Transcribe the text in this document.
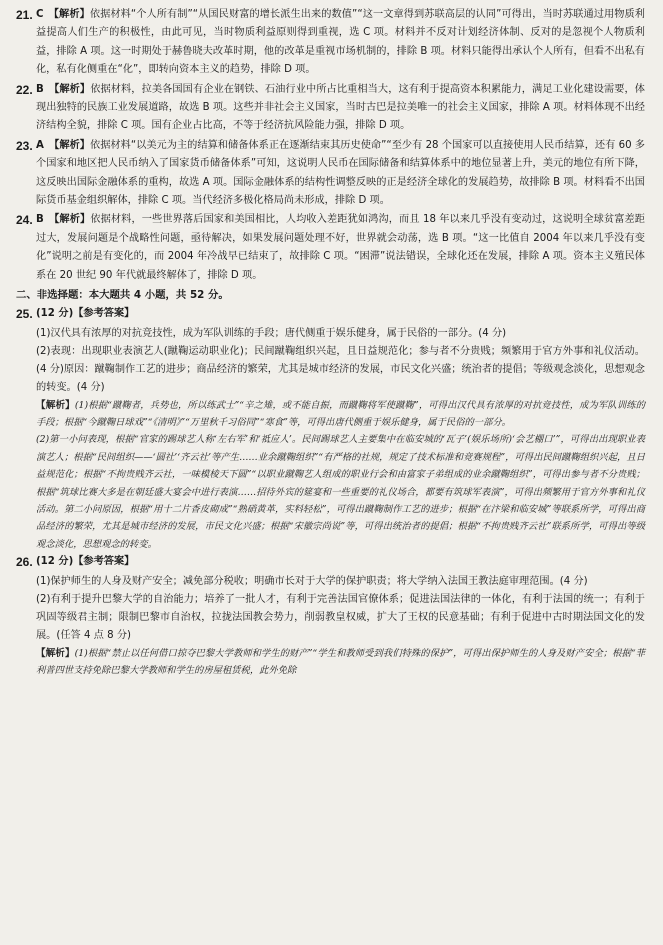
21. C 【解析】依据材料“个人所有制”“从国民财富的增长派生出来的数值”“这一文章得到苏联高层的认同”可得出，当时苏联通过用物质利益提高人们生产的积极性，由此可见，当时物质利益原则得到重视，选 C 项。材料并不反对计划经济体制、反对的是忽视个人物质利益，排除 A 项。这一时期处于赫鲁晓夫改革时期，他的改革是重视市场机制的，排除 B 项。材料只能得出承认个人所有，但看不出私有化，私有化侧重在“化”，即转向资本主义的趋势，排除 D 项。
22. B 【解析】依据材料，拉美各国国有企业在钢铁、石油行业中所占比重相当大，这有利于提高资本积累能力，满足工业化建设需要，体现出独特的民族工业发展道路，故选 B 项。这些并非社会主义国家，当时古巴是拉美唯一的社会主义国家，排除 A 项。材料体现不出经济结构全貌，排除 C 项。国有企业占比高，不等于经济抗风险能力强，排除 D 项。
23. A 【解析】依据材料“以美元为主的结算和储备体系正在逐渐结束其历史使命”“至少有 28 个国家可以直接使用人民币结算，还有 60 多个国家和地区把人民币纳入了国家货币储备体系”可知，这说明人民币在国际储备和结算体系中的地位显著上升，美元的地位有所下降，这反映出国际金融体系的重构，故选 A 项。国际金融体系的结构性调整反映的正是经济全球化的发展趋势，故排除 B 项。材料看不出国际货币基金组织解体，排除 C 项。当代经济多极化格局尚未形成，排除 D 项。
24. B 【解析】依据材料，一些世界落后国家和美国相比，人均收入差距犹如鸿沟，而且 18 年以来几乎没有变动过，这说明全球贫富差距过大，发展问题是个战略性问题，亟待解决，如果发展问题处理不好，世界就会动荡，选 B 项。“这一比值自 2004 年以来几乎没有变化”说明之前是有变化的，而 2004 年冷战早已结束了，故排除 C 项。“困滞”说法错误，全球化还在发展，排除 A 项。资本主义殖民体系在 20 世纪 90 年代就最终解体了，排除 D 项。
二、非选择题：本大题共 4 小题，共 52 分。
25. (12 分)【参考答案】
(1)汉代具有浓厚的对抗竞技性，成为军队训练的手段；唐代侧重于娱乐健身，属于民俗的一部分。(4 分)
(2)表现：出现职业表演艺人(蹴鞠运动职业化)；民间蹴鞠组织兴起，且日益规范化；参与者不分贵贱；频繁用于官方外事和礼仪活动。(4 分)原因：蹴鞠制作工艺的进步；商品经济的繁荣，尤其是城市经济的发展，市民文化兴盛；统治者的提倡；等级观念淡化，思想观念的转变。(4 分)
【解析】(1)根据“蹴鞠者，兵势也，所以练武士”“辛之雉，或不能自振，而蹴鞠将军使蹴鞠”，可得出汉代具有浓厚的对抗竞技性，成为军队训练的手段；根据“今蹴鞠日球戏”“《清明》”“万里秋千习俗同”“寒食”等，可得出唐代侧重于娱乐健身，属于民俗的一部分。
(2)第一小问表现，根据“官家的踢球艺人称‘左右军’和‘祗应人’。民间踢球艺人主要集中在临安城的‘瓦子’(娱乐场所)‘会艺棚口’”，可得出出现职业表演艺人；根据“民间组织——‘圆社’‘齐云社’等产生……业余蹴鞠组织”“有严格的社规，规定了技术标准和竞赛规程”，可得出民间蹴鞠组织兴起，且日益规范化；根据“不拘贵贱齐云社，一味模棱天下圆”“以职业蹴鞠艺人组成的职业行会和由富家子弟组成的业余蹴鞠组织”，可得出参与者不分贵贱；根据“筑球比赛大多是在朝廷盛大宴会中进行表演……招待外宾的筵宴和一些重要的礼仪场合，都要有筑球军表演”，可得出频繁用于官方外事和礼仪活动。第二小问原因，根据“用十二片香皮砌成”“熟硝黄革，实料轻松”，可得出蹴鞠制作工艺的进步；根据“在汴梁和临安城”等联系所学，可得出商品经济的繁荣，尤其是城市经济的发展，市民文化兴盛；根据“宋徽宗尚说”等，可得出统治者的提倡；根据“不拘贵贱齐云社”联系所学，可得出等级观念淡化，思想观念的转变。
26. (12 分)【参考答案】
(1)保护师生的人身及财产安全；减免部分税收；明确市长对于大学的保护职责；将大学纳入法国王教法庭审理范围。(4 分)
(2)有利于提升巴黎大学的自治能力；培养了一批人才，有利于完善法国官僚体系；促进法国法律的一体化，有利于法国的统一；有利于巩固等级君主制；限制巴黎市自治权，拉拢法国教会势力，削弱教皇权威，扩大了王权的民意基础；有利于促进中古时期法国文化的发展。(任答 4 点 8 分)
【解析】(1)根据“禁止以任何借口掠夺巴黎大学教师和学生的财产”“学生和教师受到我们特殊的保护”，可得出保护师生的人身及财产安全；根据“菲利普四世支持免除巴黎大学教师和学生的房屋租赁税，此外免除
